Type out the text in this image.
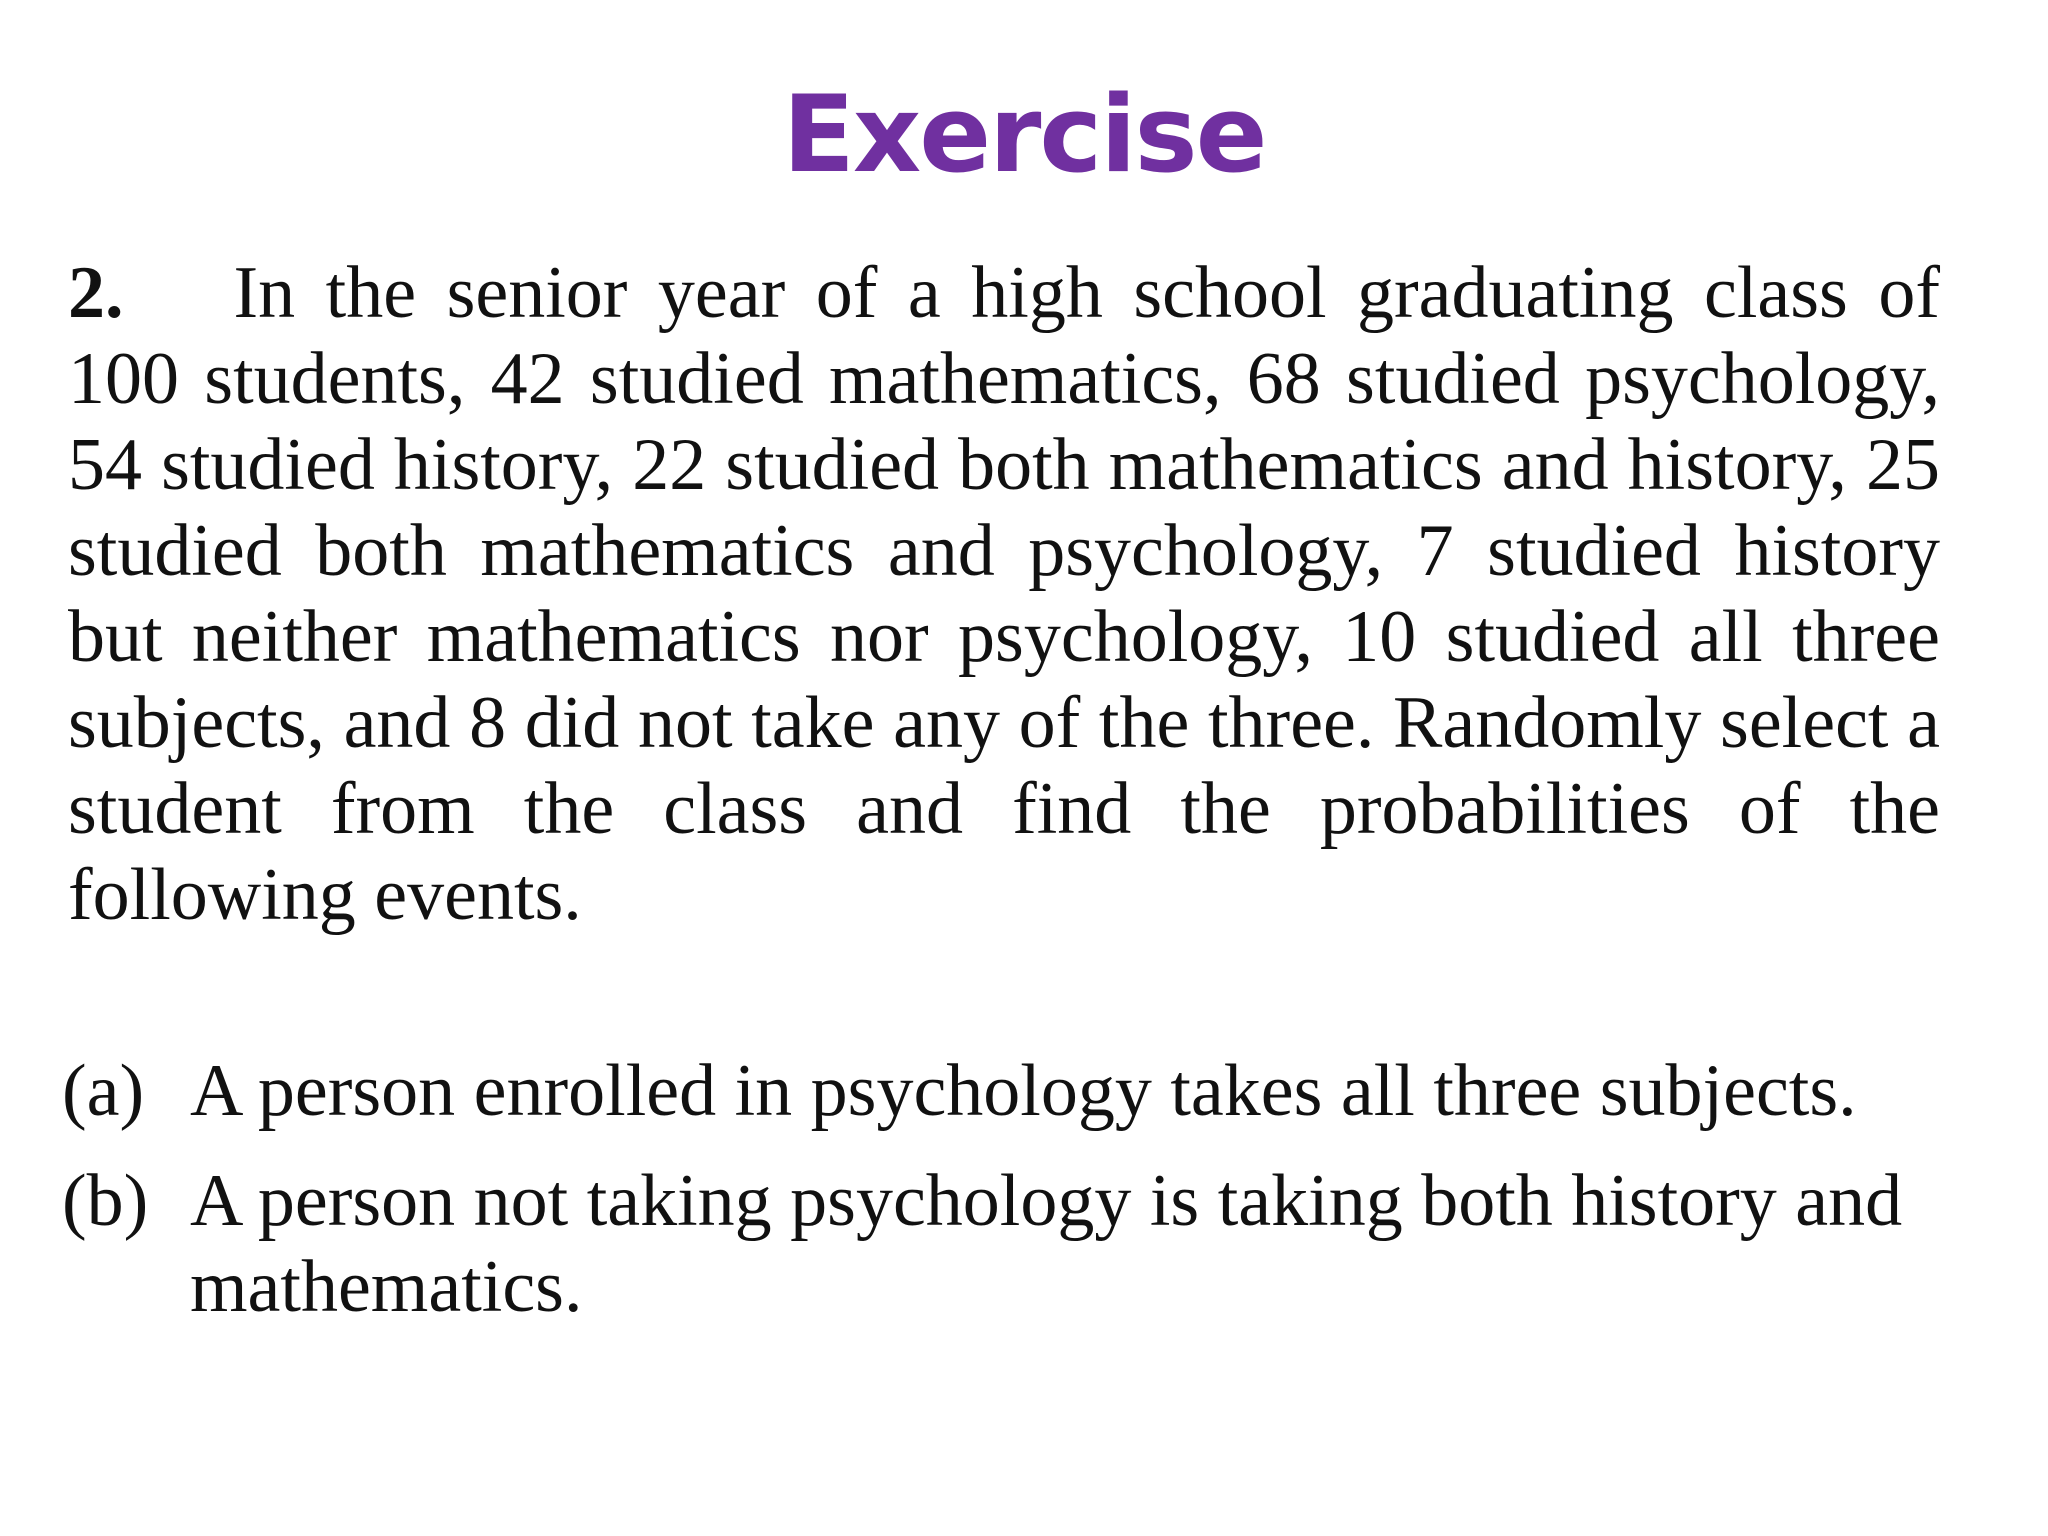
Exercise

2. In the senior year of a high school graduating class of 100 students, 42 studied mathematics, 68 studied psychology, 54 studied history, 22 studied both mathematics and history, 25 studied both mathematics and psychology, 7 studied history but neither mathematics nor psychology, 10 studied all three subjects, and 8 did not take any of the three. Randomly select a student from the class and find the probabilities of the following events.

(a) A person enrolled in psychology takes all three subjects.
(b) A person not taking psychology is taking both history and mathematics.
